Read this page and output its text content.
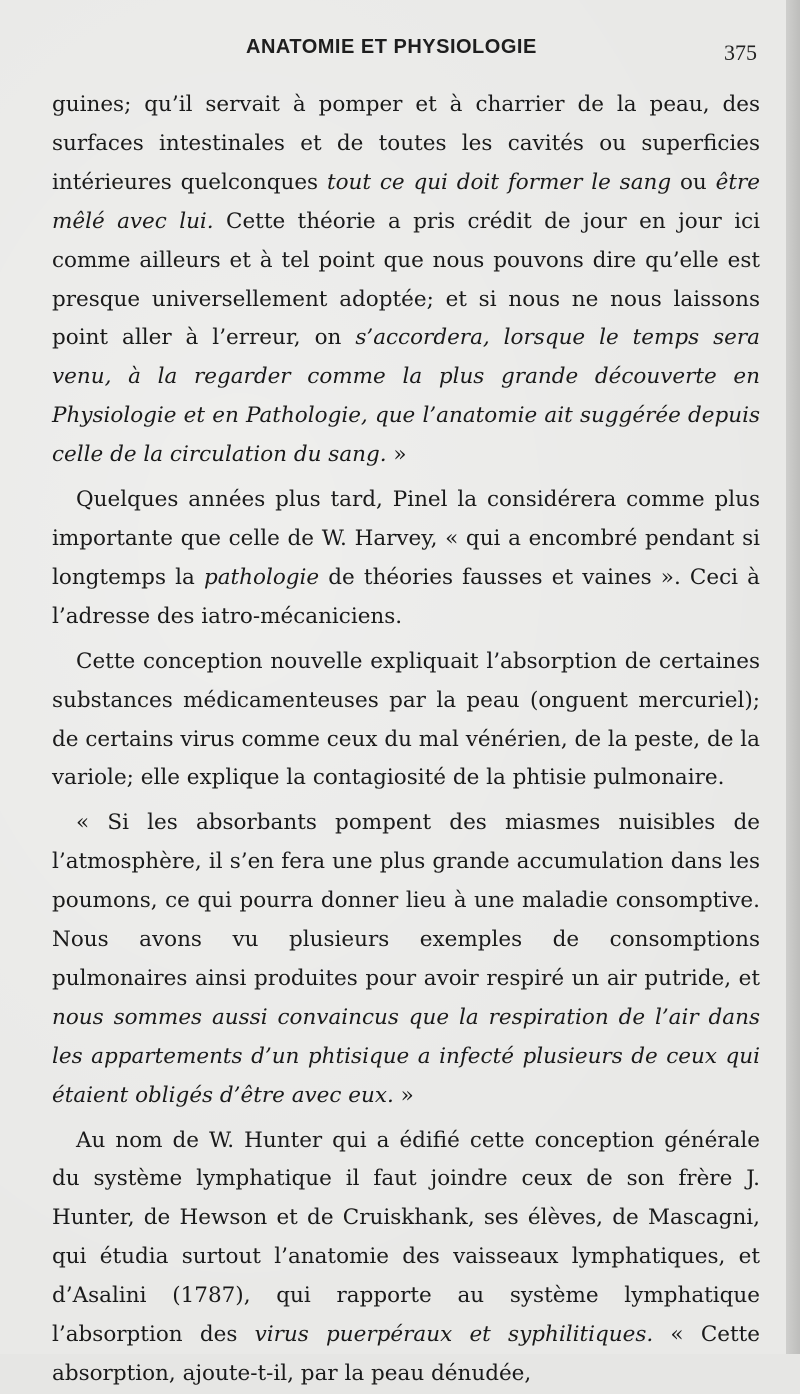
ANATOMIE ET PHYSIOLOGIE	375

guines; qu’il servait à pomper et à charrier de la peau, des surfaces intestinales et de toutes les cavités ou superficies intérieures quelconques tout ce qui doit former le sang ou être mêlé avec lui. Cette théorie a pris crédit de jour en jour ici comme ailleurs et à tel point que nous pouvons dire qu’elle est presque universellement adoptée; et si nous ne nous laissons point aller à l’erreur, on s’accordera, lorsque le temps sera venu, à la regarder comme la plus grande découverte en Physiologie et en Pathologie, que l’anatomie ait suggérée depuis celle de la circulation du sang. »

Quelques années plus tard, Pinel la considérera comme plus importante que celle de W. Harvey, « qui a encombré pendant si longtemps la pathologie de théories fausses et vaines ». Ceci à l’adresse des iatro-mécaniciens.

Cette conception nouvelle expliquait l’absorption de certaines substances médicamenteuses par la peau (onguent mercuriel); de certains virus comme ceux du mal vénérien, de la peste, de la variole; elle explique la contagiosité de la phtisie pulmonaire.

« Si les absorbants pompent des miasmes nuisibles de l’atmosphère, il s’en fera une plus grande accumulation dans les poumons, ce qui pourra donner lieu à une maladie consomptive. Nous avons vu plusieurs exemples de consomptions pulmonaires ainsi produites pour avoir respiré un air putride, et nous sommes aussi convaincus que la respiration de l’air dans les appartements d’un phtisique a infecté plusieurs de ceux qui étaient obligés d’être avec eux. »

Au nom de W. Hunter qui a édifié cette conception générale du système lymphatique il faut joindre ceux de son frère J. Hunter, de Hewson et de Cruiskhank, ses élèves, de Mascagni, qui étudia surtout l’anatomie des vaisseaux lymphatiques, et d’Asalini (1787), qui rapporte au système lymphatique l’absorption des virus puerpéraux et syphilitiques. « Cette absorption, ajoute-t-il, par la peau dénudée,
